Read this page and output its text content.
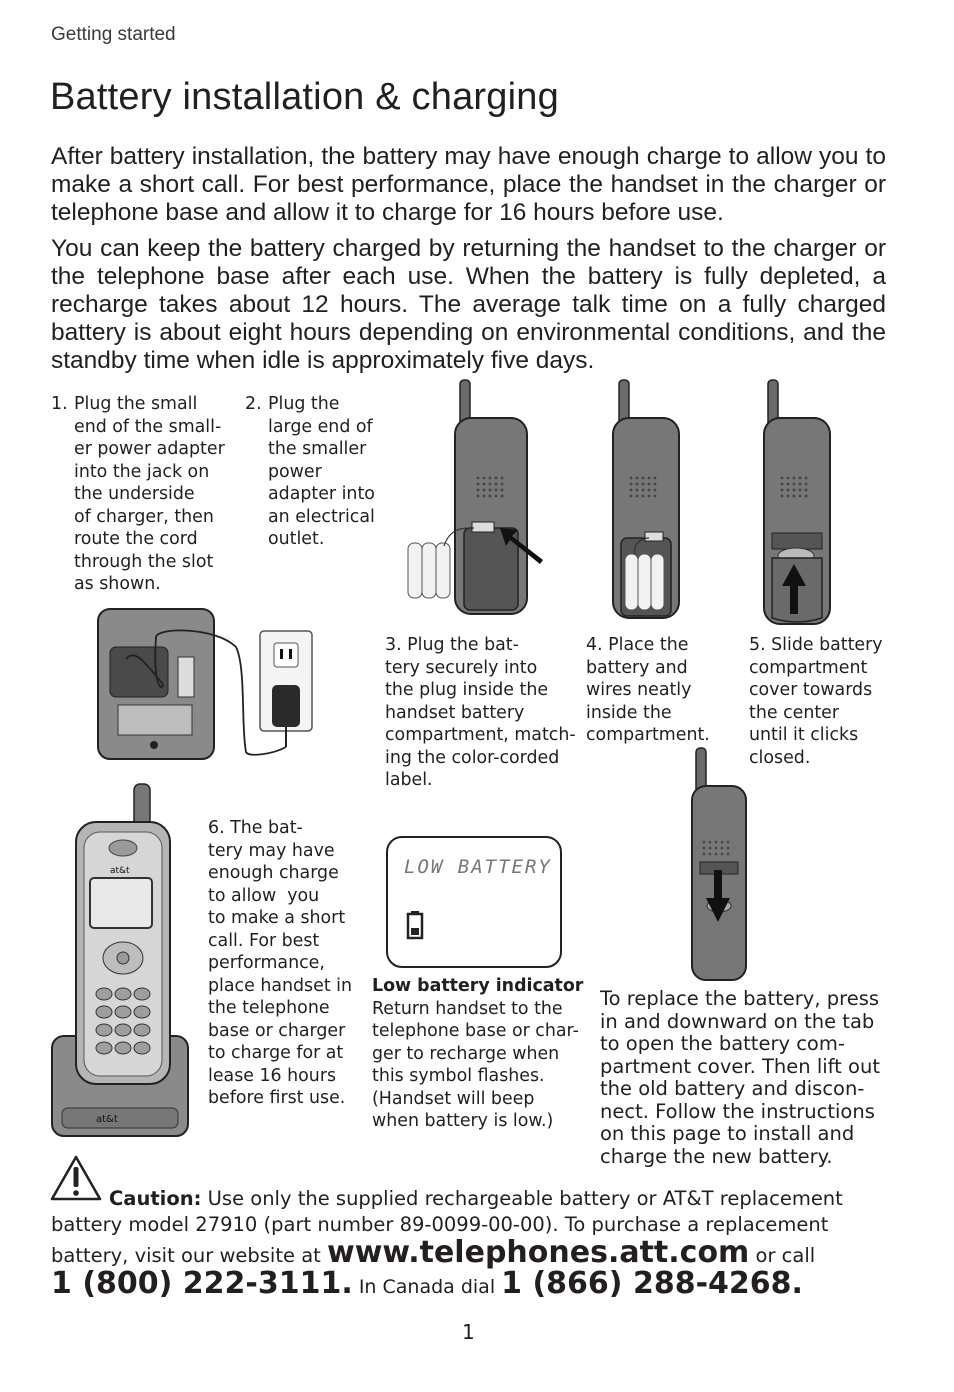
Getting started
Battery installation & charging
After battery installation, the battery may have enough charge to allow you to make a short call. For best performance, place the handset in the charger or telephone base and allow it to charge for 16 hours before use.
You can keep the battery charged by returning the handset to the charger or the telephone base after each use. When the battery is fully depleted, a recharge takes about 12 hours. The average talk time on a fully charged battery is about eight hours depending on environmental conditions, and the standby time when idle is approximately five days.
1. Plug the small
end of the small-
er power adapter
into the jack on
the underside
of charger, then
route the cord
through the slot
as shown.
2. Plug the
large end of
the smaller
power
adapter into
an electrical
outlet.
3. Plug the bat-
tery securely into
the plug inside the
handset battery
compartment, match-
ing the color-corded
label.
4. Place the
battery and
wires neatly
inside the
compartment.
5. Slide battery
compartment
cover towards
the center
until it clicks
closed.
at&t
at&t
6. The bat-
tery may have
enough charge
to allow  you
to make a short
call. For best
performance,
place handset in
the telephone
base or charger
to charge for at
lease 16 hours
before first use.
LOW BATTERY
Low battery indicator
Return handset to the
telephone base or char-
ger to recharge when
this symbol flashes.
(Handset will beep
when battery is low.)
To replace the battery, press
in and downward on the tab
to open the battery com-
partment cover. Then lift out
the old battery and discon-
nect. Follow the instructions
on this page to install and
charge the new battery.
Caution: Use only the supplied rechargeable battery or AT&T replacement
battery model 27910 (part number 89-0099-00-00). To purchase a replacement
battery, visit our website at www.telephones.att.com or call
1 (800) 222-3111. In Canada dial 1 (866) 288-4268.
1
